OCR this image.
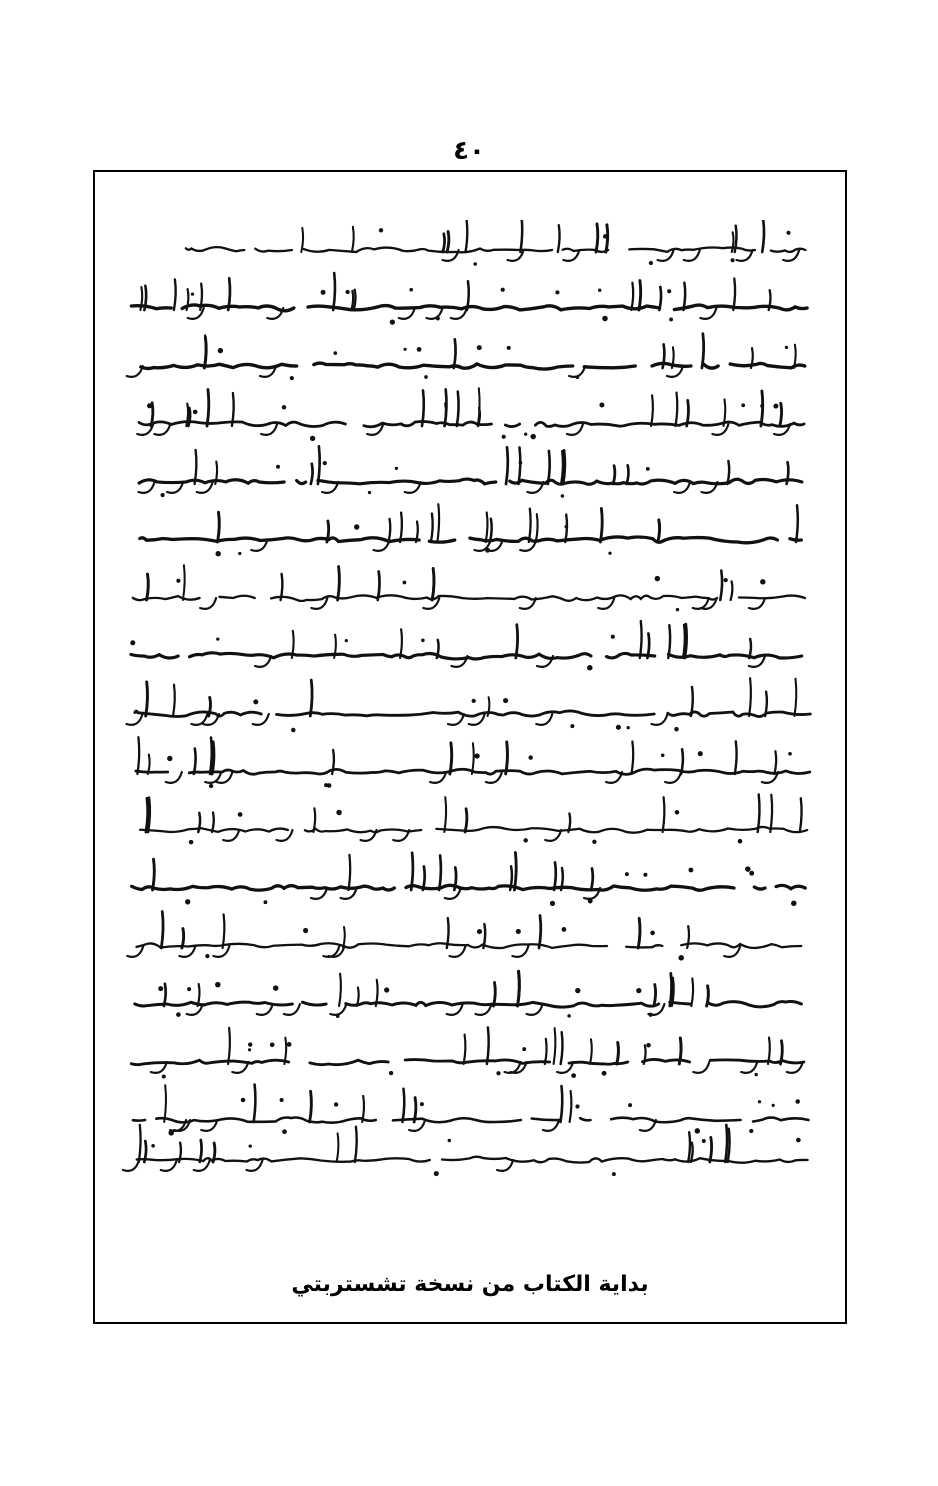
٤٠
بداية الكتاب من نسخة تشستربتي
